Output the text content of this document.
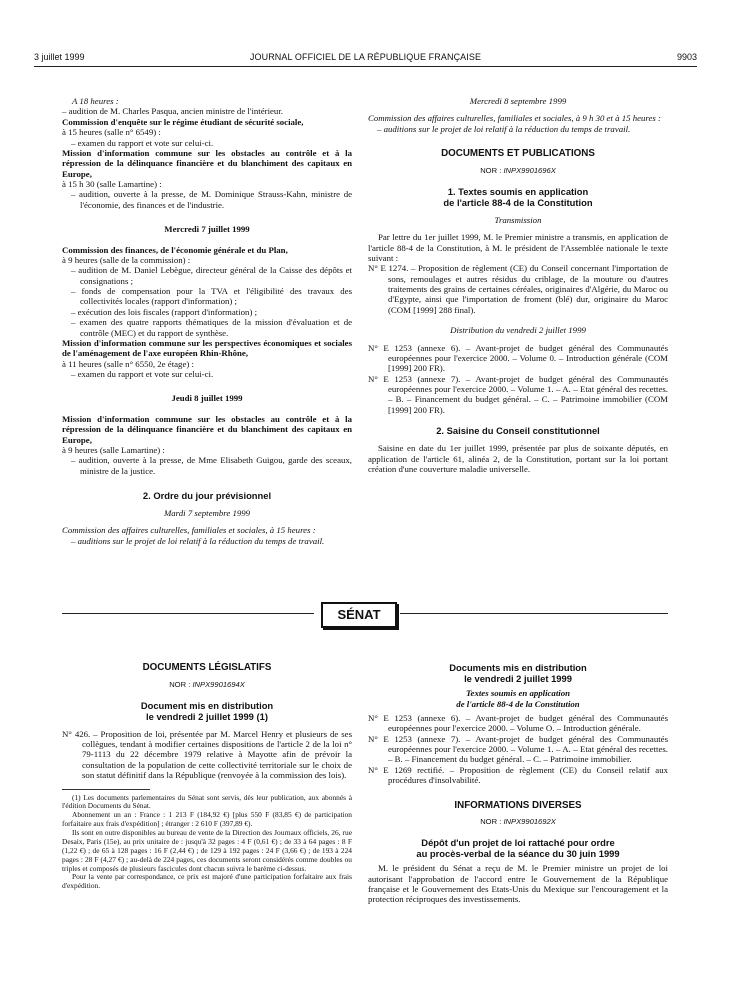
3 juillet 1999	JOURNAL OFFICIEL DE LA RÉPUBLIQUE FRANÇAISE	9903

A 18 heures :

– audition de M. Charles Pasqua, ancien ministre de l'intérieur.

Commission d'enquête sur le régime étudiant de sécurité sociale,

à 15 heures (salle n° 6549) :

– examen du rapport et vote sur celui-ci.

Mission d'information commune sur les obstacles au contrôle et à la répression de la délinquance financière et du blanchiment des capitaux en Europe,

à 15 h 30 (salle Lamartine) :

– audition, ouverte à la presse, de M. Dominique Strauss-Kahn, ministre de l'économie, des finances et de l'industrie.

Mercredi 7 juillet 1999

Commission des finances, de l'économie générale et du Plan,

à 9 heures (salle de la commission) :

– audition de M. Daniel Lebègue, directeur général de la Caisse des dépôts et consignations ;

– fonds de compensation pour la TVA et l'éligibilité des travaux des collectivités locales (rapport d'information) ;

– exécution des lois fiscales (rapport d'information) ;

– examen des quatre rapports thématiques de la mission d'évaluation et de contrôle (MEC) et du rapport de synthèse.

Mission d'information commune sur les perspectives économiques et sociales de l'aménagement de l'axe européen Rhin-Rhône,

à 11 heures (salle n° 6550, 2e étage) :

– examen du rapport et vote sur celui-ci.

Jeudi 8 juillet 1999

Mission d'information commune sur les obstacles au contrôle et à la répression de la délinquance financière et du blanchiment des capitaux en Europe,

à 9 heures (salle Lamartine) :

– audition, ouverte à la presse, de Mme Elisabeth Guigou, garde des sceaux, ministre de la justice.

2. Ordre du jour prévisionnel

Mardi 7 septembre 1999

Commission des affaires culturelles, familiales et sociales, à 15 heures :

– auditions sur le projet de loi relatif à la réduction du temps de travail.

Mercredi 8 septembre 1999

Commission des affaires culturelles, familiales et sociales, à 9 h 30 et à 15 heures :

– auditions sur le projet de loi relatif à la réduction du temps de travail.

DOCUMENTS ET PUBLICATIONS

NOR : INPX9901696X

1. Textes soumis en application

de l'article 88-4 de la Constitution

Transmission

Par lettre du 1er juillet 1999, M. le Premier ministre a transmis, en application de l'article 88-4 de la Constitution, à M. le président de l'Assemblée nationale le texte suivant :

N° E 1274. – Proposition de règlement (CE) du Conseil concernant l'importation de sons, remoulages et autres résidus du criblage, de la mouture ou d'autres traitements des grains de certaines céréales, originaires d'Algérie, du Maroc ou d'Egypte, ainsi que l'importation de froment (blé) dur, originaire du Maroc (COM [1999] 288 final).

Distribution du vendredi 2 juillet 1999

N° E 1253 (annexe 6). – Avant-projet de budget général des Communautés européennes pour l'exercice 2000. – Volume 0. – Introduction générale (COM [1999] 200 FR).

N° E 1253 (annexe 7). – Avant-projet de budget général des Communautés européennes pour l'exercice 2000. – Volume 1. – A. – Etat général des recettes. – B. – Financement du budget général. – C. – Patrimoine immobilier (COM [1999] 200 FR).

2. Saisine du Conseil constitutionnel

Saisine en date du 1er juillet 1999, présentée par plus de soixante députés, en application de l'article 61, alinéa 2, de la Constitution, portant sur la loi portant création d'une couverture maladie universelle.

SÉNAT

DOCUMENTS LÉGISLATIFS

NOR : INPX9901694X

Document mis en distribution

le vendredi 2 juillet 1999 (1)

N° 426. – Proposition de loi, présentée par M. Marcel Henry et plusieurs de ses collègues, tendant à modifier certaines dispositions de l'article 2 de la loi n° 79-1113 du 22 décembre 1979 relative à Mayotte afin de prévoir la consultation de la population de cette collectivité territoriale sur le choix de son statut définitif dans la République (renvoyée à la commission des lois).

(1) Les documents parlementaires du Sénat sont servis, dès leur publication, aux abonnés à l'édition Documents du Sénat.

Abonnement un an : France : 1 213 F (184,92 €) [plus 550 F (83,85 €) de participation forfaitaire aux frais d'expédition] ; étranger : 2 610 F (397,89 €).

Ils sont en outre disponibles au bureau de vente de la Direction des Journaux officiels, 26, rue Desaix, Paris (15e), au prix unitaire de : jusqu'à 32 pages : 4 F (0,61 €) ; de 33 à 64 pages : 8 F (1,22 €) ; de 65 à 128 pages : 16 F (2,44 €) ; de 129 à 192 pages : 24 F (3,66 €) ; de 193 à 224 pages : 28 F (4,27 €) ; au-delà de 224 pages, ces documents seront considérés comme doubles ou triples et composés de plusieurs fascicules dont chacun suivra le barème ci-dessus.

Pour la vente par correspondance, ce prix est majoré d'une participation forfaitaire aux frais d'expédition.

Documents mis en distribution

le vendredi 2 juillet 1999

Textes soumis en application

de l'article 88-4 de la Constitution

N° E 1253 (annexe 6). – Avant-projet de budget général des Communautés européennes pour l'exercice 2000. – Volume O. – Introduction générale.

N° E 1253 (annexe 7). – Avant-projet de budget général des Communautés européennes pour l'exercice 2000. – Volume 1. – A. – Etat général des recettes. – B. – Financement du budget général. – C. – Patrimoine immobilier.

N° E 1269 rectifié. – Proposition de règlement (CE) du Conseil relatif aux procédures d'insolvabilité.

INFORMATIONS DIVERSES

NOR : INPX9901692X

Dépôt d'un projet de loi rattaché pour ordre

au procès-verbal de la séance du 30 juin 1999

M. le président du Sénat a reçu de M. le Premier ministre un projet de loi autorisant l'approbation de l'accord entre le Gouvernement de la République française et le Gouvernement des Etats-Unis du Mexique sur l'encouragement et la protection réciproques des investissements.
